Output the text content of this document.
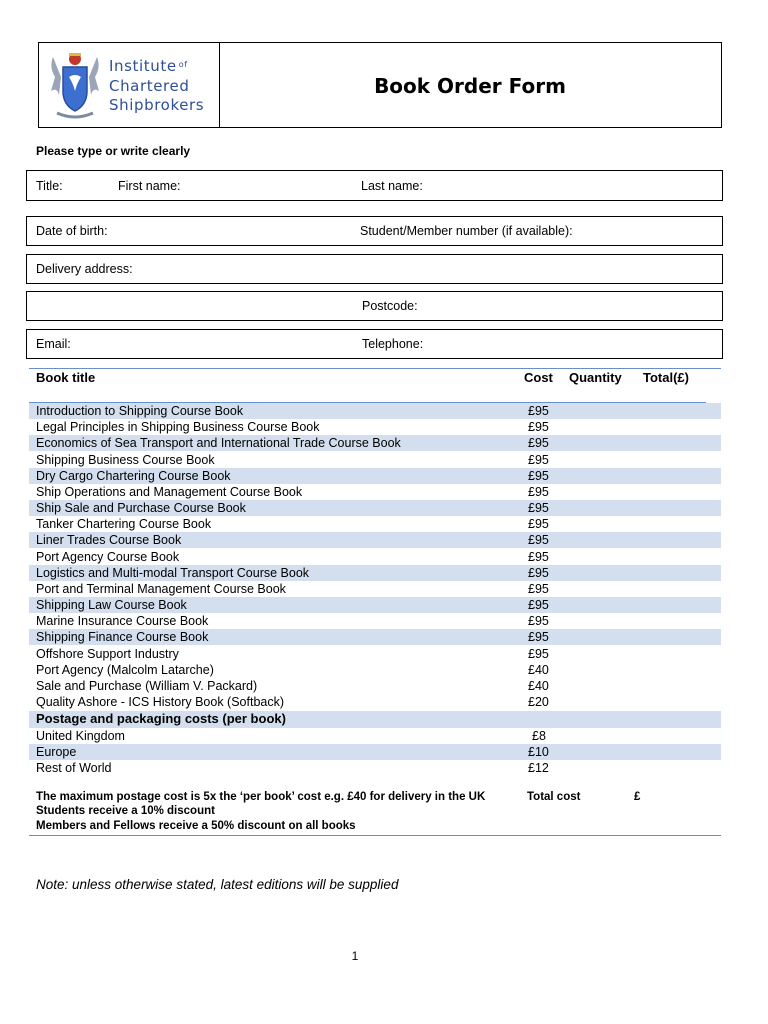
Institute $^{of}$
Chartered
Shipbrokers
Book Order Form
Please type or write clearly
Title:	First name:	Last name:
Date of birth:	Student/Member number (if available):
Delivery address:
Postcode:
Email:	Telephone:
Book title	Cost Quantity Total(£)
Introduction to Shipping Course Book	£95
Legal Principles in Shipping Business Course Book	£95
Economics of Sea Transport and International Trade Course Book	£95
Shipping Business Course Book	£95
Dry Cargo Chartering Course Book	£95
Ship Operations and Management Course Book	£95
Ship Sale and Purchase Course Book	£95
Tanker Chartering Course Book	£95
Liner Trades Course Book	£95
Port Agency Course Book	£95
Logistics and Multi-modal Transport Course Book	£95
Port and Terminal Management Course Book	£95
Shipping Law Course Book	£95
Marine Insurance Course Book	£95
Shipping Finance Course Book	£95
Offshore Support Industry	£95
Port Agency (Malcolm Latarche)	£40
Sale and Purchase (William V. Packard)	£40
Quality Ashore - ICS History Book (Softback)	£20
Postage and packaging costs (per book)
United Kingdom	£8
Europe	£10
Rest of World	£12
The maximum postage cost is 5x the ‘per book’ cost e.g. £40 for delivery in the UK
Students receive a 10% discount
Members and Fellows receive a 50% discount on all books
Total cost	£
Note: unless otherwise stated, latest editions will be supplied
1
